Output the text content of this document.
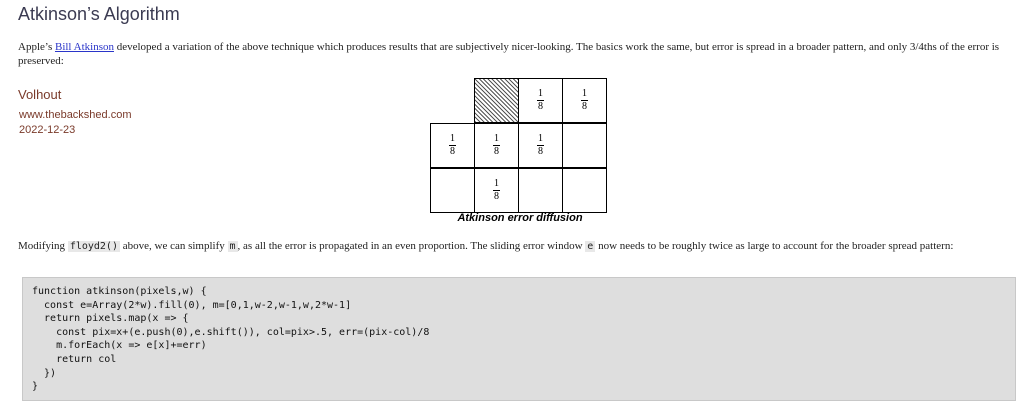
Atkinson’s Algorithm
Apple’s Bill Atkinson developed a variation of the above technique which produces results that are subjectively nicer-looking. The basics work the same, but error is spread in a broader pattern, and only 3/4ths of the error is preserved:
Volhout
www.thebackshed.com
2022-12-23
1
8
1
8
1
8
1
8
1
8
1
8
Atkinson error diffusion
Modifying floyd2() above, we can simplify m , as all the error is propagated in an even proportion. The sliding error window e now needs to be roughly twice as large to account for the broader spread pattern:
function atkinson(pixels,w) {
const e=Array(2*w).fill(0), m=[0,1,w-2,w-1,w,2*w-1]
return pixels.map(x => {
const pix=x+(e.push(0),e.shift()), col=pix>.5, err=(pix-col)/8
m.forEach(x => e[x]+=err)
return col
})
}
